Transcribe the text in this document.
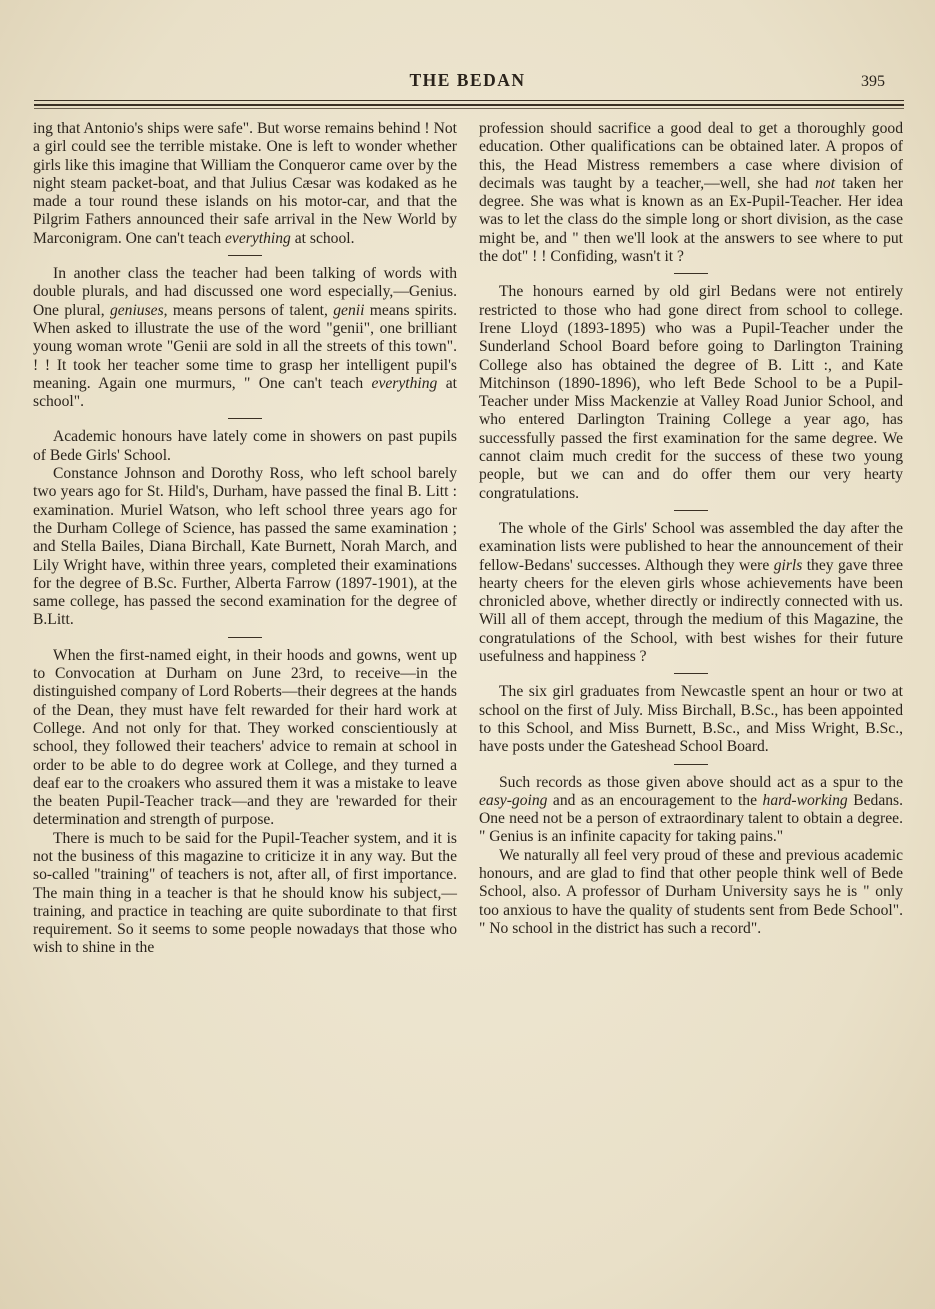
THE BEDAN	395

ing that Antonio's ships were safe". But worse remains behind ! Not a girl could see the terrible mistake. One is left to wonder whether girls like this imagine that William the Conqueror came over by the night steam packet-boat, and that Julius Cæsar was kodaked as he made a tour round these islands on his motor-car, and that the Pilgrim Fathers announced their safe arrival in the New World by Marconigram. One can't teach everything at school.

In another class the teacher had been talking of words with double plurals, and had discussed one word especially,—Genius. One plural, geniuses, means persons of talent, genii means spirits. When asked to illustrate the use of the word "genii", one brilliant young woman wrote "Genii are sold in all the streets of this town". ! ! It took her teacher some time to grasp her intelligent pupil's meaning. Again one murmurs, " One can't teach everything at school".

Academic honours have lately come in showers on past pupils of Bede Girls' School.

Constance Johnson and Dorothy Ross, who left school barely two years ago for St. Hild's, Durham, have passed the final B. Litt : examination. Muriel Watson, who left school three years ago for the Durham College of Science, has passed the same examination ; and Stella Bailes, Diana Birchall, Kate Burnett, Norah March, and Lily Wright have, within three years, completed their examinations for the degree of B.Sc. Further, Alberta Farrow (1897-1901), at the same college, has passed the second examination for the degree of B.Litt.

When the first-named eight, in their hoods and gowns, went up to Convocation at Durham on June 23rd, to receive—in the distinguished company of Lord Roberts—their degrees at the hands of the Dean, they must have felt rewarded for their hard work at College. And not only for that. They worked conscientiously at school, they followed their teachers' advice to remain at school in order to be able to do degree work at College, and they turned a deaf ear to the croakers who assured them it was a mistake to leave the beaten Pupil-Teacher track—and they are 'rewarded for their determination and strength of purpose.

There is much to be said for the Pupil-Teacher system, and it is not the business of this magazine to criticize it in any way. But the so-called "training" of teachers is not, after all, of first importance. The main thing in a teacher is that he should know his subject,—training, and practice in teaching are quite subordinate to that first requirement. So it seems to some people nowadays that those who wish to shine in the

profession should sacrifice a good deal to get a thoroughly good education. Other qualifications can be obtained later. A propos of this, the Head Mistress remembers a case where division of decimals was taught by a teacher,—well, she had not taken her degree. She was what is known as an Ex-Pupil-Teacher. Her idea was to let the class do the simple long or short division, as the case might be, and " then we'll look at the answers to see where to put the dot" ! ! Confiding, wasn't it ?

The honours earned by old girl Bedans were not entirely restricted to those who had gone direct from school to college. Irene Lloyd (1893-1895) who was a Pupil-Teacher under the Sunderland School Board before going to Darlington Training College also has obtained the degree of B. Litt :, and Kate Mitchinson (1890-1896), who left Bede School to be a Pupil-Teacher under Miss Mackenzie at Valley Road Junior School, and who entered Darlington Training College a year ago, has successfully passed the first examination for the same degree. We cannot claim much credit for the success of these two young people, but we can and do offer them our very hearty congratulations.

The whole of the Girls' School was assembled the day after the examination lists were published to hear the announcement of their fellow-Bedans' successes. Although they were girls they gave three hearty cheers for the eleven girls whose achievements have been chronicled above, whether directly or indirectly connected with us. Will all of them accept, through the medium of this Magazine, the congratulations of the School, with best wishes for their future usefulness and happiness ?

The six girl graduates from Newcastle spent an hour or two at school on the first of July. Miss Birchall, B.Sc., has been appointed to this School, and Miss Burnett, B.Sc., and Miss Wright, B.Sc., have posts under the Gateshead School Board.

Such records as those given above should act as a spur to the easy-going and as an encouragement to the hard-working Bedans. One need not be a person of extraordinary talent to obtain a degree. " Genius is an infinite capacity for taking pains."

We naturally all feel very proud of these and previous academic honours, and are glad to find that other people think well of Bede School, also. A professor of Durham University says he is " only too anxious to have the quality of students sent from Bede School". " No school in the district has such a record".
